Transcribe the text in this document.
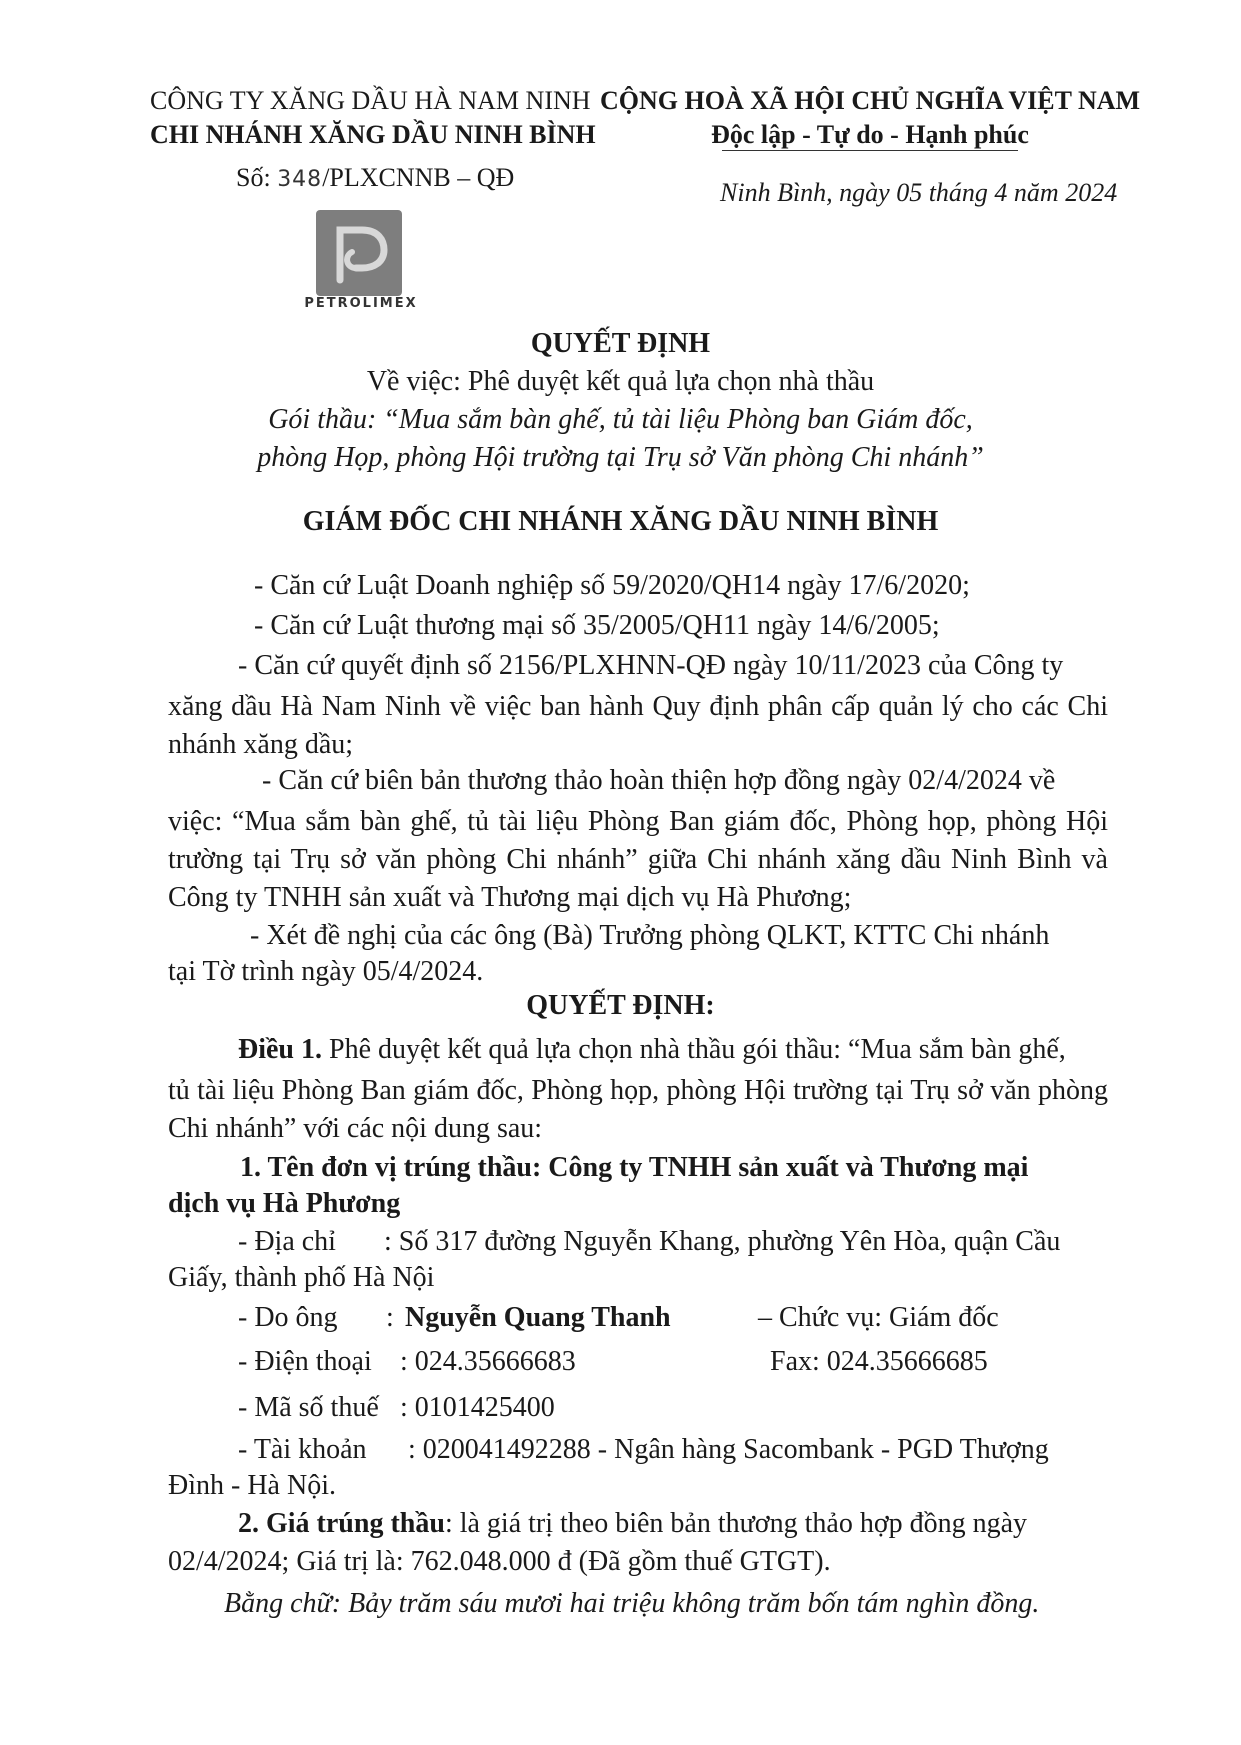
CÔNG TY XĂNG DẦU HÀ NAM NINH
CHI NHÁNH XĂNG DẦU NINH BÌNH
Số: 348/PLXCNNB – QĐ
PETROLIMEX
CỘNG HOÀ XÃ HỘI CHỦ NGHĨA VIỆT NAM
Độc lập - Tự do - Hạnh phúc
Ninh Bình, ngày 05 tháng 4 năm 2024
QUYẾT ĐỊNH
Về việc: Phê duyệt kết quả lựa chọn nhà thầu
Gói thầu: “Mua sắm bàn ghế, tủ tài liệu Phòng ban Giám đốc,
phòng Họp, phòng Hội trường tại Trụ sở Văn phòng Chi nhánh”
GIÁM ĐỐC CHI NHÁNH XĂNG DẦU NINH BÌNH
- Căn cứ Luật Doanh nghiệp số 59/2020/QH14 ngày 17/6/2020;
- Căn cứ Luật thương mại số 35/2005/QH11 ngày 14/6/2005;
- Căn cứ quyết định số 2156/PLXHNN-QĐ ngày 10/11/2023 của Công ty
xăng dầu Hà Nam Ninh về việc ban hành Quy định phân cấp quản lý cho các Chi nhánh xăng dầu;
- Căn cứ biên bản thương thảo hoàn thiện hợp đồng ngày 02/4/2024 về
việc: “Mua sắm bàn ghế, tủ tài liệu Phòng Ban giám đốc, Phòng họp, phòng Hội trường tại Trụ sở văn phòng Chi nhánh” giữa Chi nhánh xăng dầu Ninh Bình và Công ty TNHH sản xuất và Thương mại dịch vụ Hà Phương;
- Xét đề nghị của các ông (Bà) Trưởng phòng QLKT, KTTC Chi nhánh
tại Tờ trình ngày 05/4/2024.
QUYẾT ĐỊNH:
Điều 1. Phê duyệt kết quả lựa chọn nhà thầu gói thầu: “Mua sắm bàn ghế,
tủ tài liệu Phòng Ban giám đốc, Phòng họp, phòng Hội trường tại Trụ sở văn phòng Chi nhánh” với các nội dung sau:
1. Tên đơn vị trúng thầu: Công ty TNHH sản xuất và Thương mại
dịch vụ Hà Phương
- Địa chỉ : Số 317 đường Nguyễn Khang, phường Yên Hòa, quận Cầu
Giấy, thành phố Hà Nội
- Do ông : Nguyễn Quang Thanh	– Chức vụ: Giám đốc
- Điện thoại : 024.35666683	Fax: 024.35666685
- Mã số thuế : 0101425400
- Tài khoản : 020041492288 - Ngân hàng Sacombank - PGD Thượng
Đình - Hà Nội.
2. Giá trúng thầu: là giá trị theo biên bản thương thảo hợp đồng ngày
02/4/2024; Giá trị là: 762.048.000 đ (Đã gồm thuế GTGT).
Bằng chữ: Bảy trăm sáu mươi hai triệu không trăm bốn tám nghìn đồng.
